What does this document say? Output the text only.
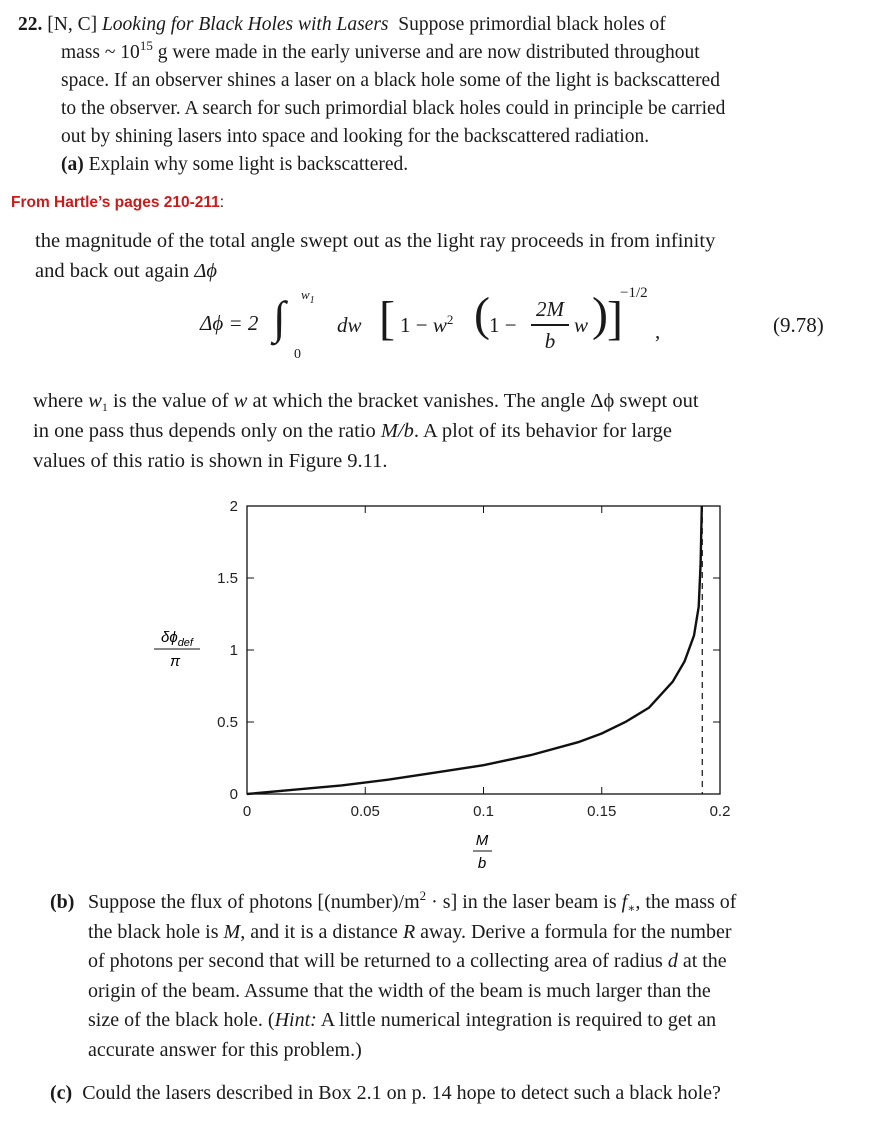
22. [N, C] Looking for Black Holes with Lasers Suppose primordial black holes of
mass ~ $10^{15}$ g were made in the early universe and are now distributed throughout
space. If an observer shines a laser on a black hole some of the light is backscattered
to the observer. A search for such primordial black holes could in principle be carried
out by shining lasers into space and looking for the backscattered radiation.
(a) Explain why some light is backscattered.
From Hartle’s pages 210-211:
the magnitude of the total angle swept out as the light ray proceeds in from infinity
and back out again Δϕ
Δϕ = 2 ∫ $w_1$
0
dw [ $1 - w^2$ ( 1 −
2M
b
w ) ]
−1/2
,	(9.78)
where $w_1$ is the value of w at which the bracket vanishes. The angle Δϕ swept out
in one pass thus depends only on the ratio M/b. A plot of its behavior for large
values of this ratio is shown in Figure 9.11.
0
0.5
1
1.5
2
0	0.05	0.1	0.15	0.2
$\delta\phi_{def}$
π
M
b
(b) Suppose the flux of photons $[(number)/m^2 \cdot s]$ in the laser beam is $f_∗$, the mass of
the black hole is M, and it is a distance R away. Derive a formula for the number
of photons per second that will be returned to a collecting area of radius d at the
origin of the beam. Assume that the width of the beam is much larger than the
size of the black hole. (Hint: A little numerical integration is required to get an
accurate answer for this problem.)
(c) Could the lasers described in Box 2.1 on p. 14 hope to detect such a black hole?
